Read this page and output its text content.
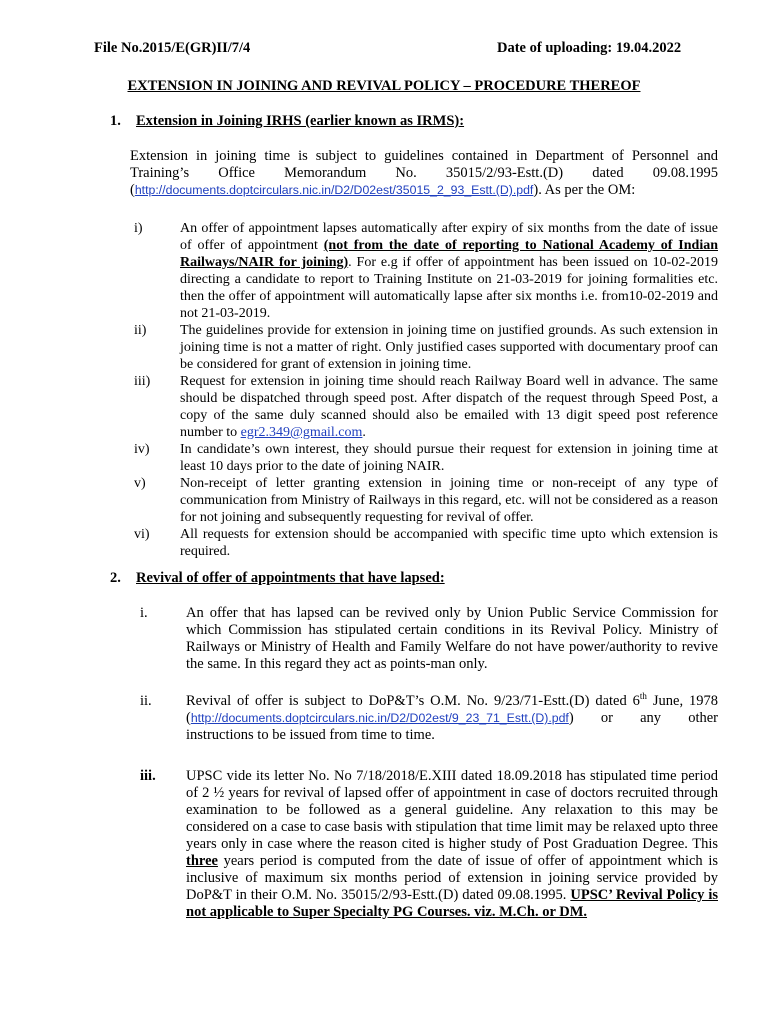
File No.2015/E(GR)II/7/4	Date of uploading: 19.04.2022
EXTENSION IN JOINING AND REVIVAL POLICY – PROCEDURE THEREOF
1. Extension in Joining IRHS (earlier known as IRMS):
Extension in joining time is subject to guidelines contained in Department of Personnel and Training’s Office Memorandum No. 35015/2/93-Estt.(D) dated 09.08.1995 (http://documents.doptcirculars.nic.in/D2/D02est/35015_2_93_Estt.(D).pdf). As per the OM:
i)	An offer of appointment lapses automatically after expiry of six months from the date of issue of offer of appointment (not from the date of reporting to National Academy of Indian Railways/NAIR for joining). For e.g if offer of appointment has been issued on 10-02-2019 directing a candidate to report to Training Institute on 21-03-2019 for joining formalities etc. then the offer of appointment will automatically lapse after six months i.e. from10-02-2019 and not 21-03-2019.
ii) The guidelines provide for extension in joining time on justified grounds. As such extension in joining time is not a matter of right. Only justified cases supported with documentary proof can be considered for grant of extension in joining time.
iii) Request for extension in joining time should reach Railway Board well in advance. The same should be dispatched through speed post. After dispatch of the request through Speed Post, a copy of the same duly scanned should also be emailed with 13 digit speed post reference number to egr2.349@gmail.com.
iv) In candidate’s own interest, they should pursue their request for extension in joining time at least 10 days prior to the date of joining NAIR.
v) Non-receipt of letter granting extension in joining time or non-receipt of any type of communication from Ministry of Railways in this regard, etc. will not be considered as a reason for not joining and subsequently requesting for revival of offer.
vi) All requests for extension should be accompanied with specific time upto which extension is required.
2. Revival of offer of appointments that have lapsed:
i.	An offer that has lapsed can be revived only by Union Public Service Commission for which Commission has stipulated certain conditions in its Revival Policy. Ministry of Railways or Ministry of Health and Family Welfare do not have power/authority to revive the same. In this regard they act as points-man only.
ii. Revival of offer is subject to DoP&T’s O.M. No. 9/23/71-Estt.(D) dated 6th June, 1978 (http://documents.doptcirculars.nic.in/D2/D02est/9_23_71_Estt.(D).pdf) or any other instructions to be issued from time to time.
iii. UPSC vide its letter No. No 7/18/2018/E.XIII dated 18.09.2018 has stipulated time period of 2 ½ years for revival of lapsed offer of appointment in case of doctors recruited through examination to be followed as a general guideline. Any relaxation to this may be considered on a case to case basis with stipulation that time limit may be relaxed upto three years only in case where the reason cited is higher study of Post Graduation Degree. This three years period is computed from the date of issue of offer of appointment which is inclusive of maximum six months period of extension in joining service provided by DoP&T in their O.M. No. 35015/2/93-Estt.(D) dated 09.08.1995. UPSC’ Revival Policy is not applicable to Super Specialty PG Courses. viz. M.Ch. or DM.
